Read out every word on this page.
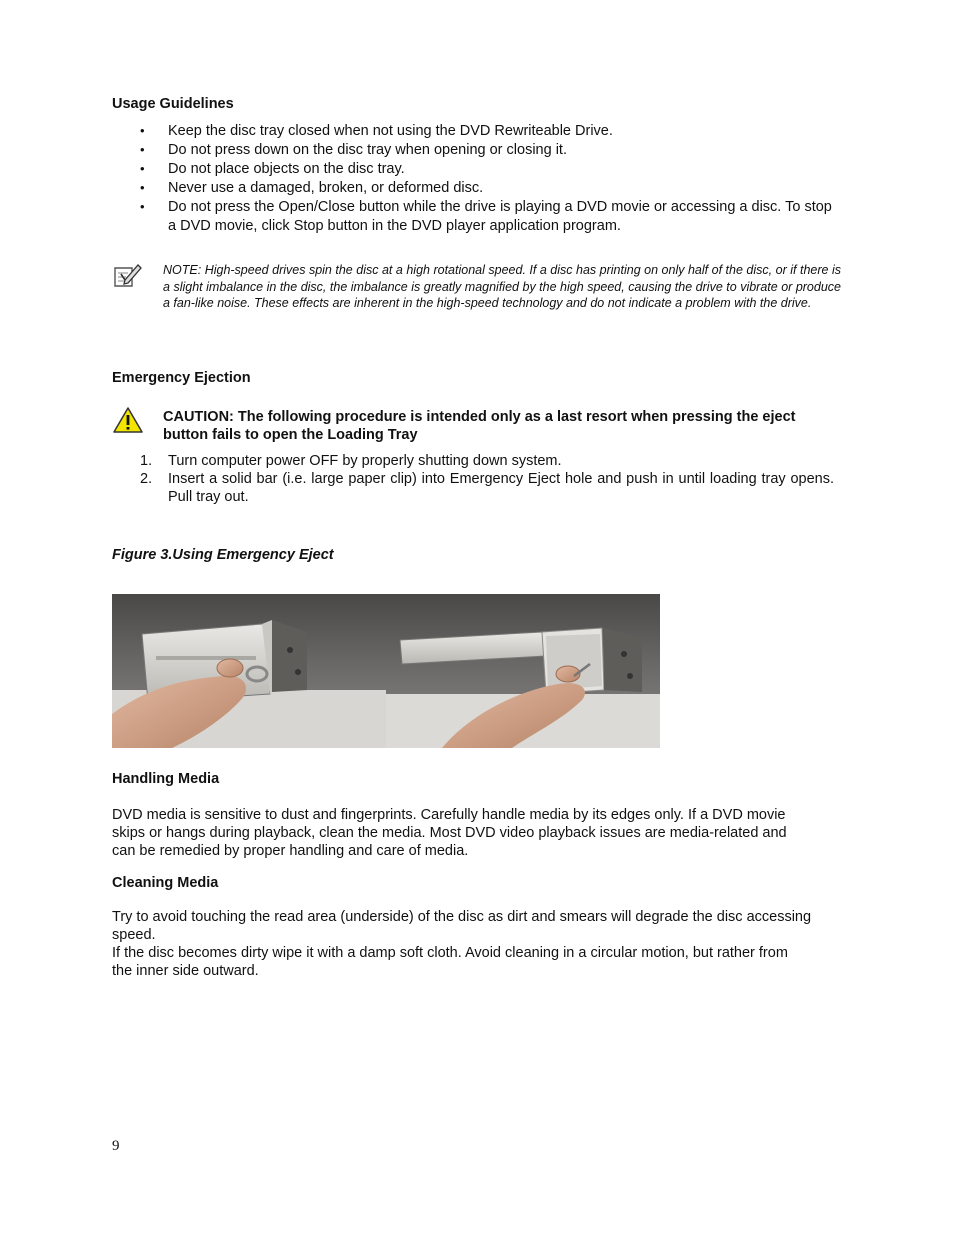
Usage Guidelines
• Keep the disc tray closed when not using the DVD Rewriteable Drive.
• Do not press down on the disc tray when opening or closing it.
• Do not place objects on the disc tray.
• Never use a damaged, broken, or deformed disc.
• Do not press the Open/Close button while the drive is playing a DVD movie or accessing a disc. To stop a DVD movie, click Stop button in the DVD player application program.

NOTE: High-speed drives spin the disc at a high rotational speed. If a disc has printing on only half of the disc, or if there is a slight imbalance in the disc, the imbalance is greatly magnified by the high speed, causing the drive to vibrate or produce a fan-like noise. These effects are inherent in the high-speed technology and do not indicate a problem with the drive.

Emergency Ejection

CAUTION: The following procedure is intended only as a last resort when pressing the eject button fails to open the Loading Tray

1. Turn computer power OFF by properly shutting down system.
2. Insert a solid bar (i.e. large paper clip) into Emergency Eject hole and push in until loading tray opens. Pull tray out.

Figure 3.Using Emergency Eject

Handling Media

DVD media is sensitive to dust and fingerprints. Carefully handle media by its edges only. If a DVD movie skips or hangs during playback, clean the media. Most DVD video playback issues are media-related and can be remedied by proper handling and care of media.

Cleaning Media

Try to avoid touching the read area (underside) of the disc as dirt and smears will degrade the disc accessing speed.

If the disc becomes dirty wipe it with a damp soft cloth. Avoid cleaning in a circular motion, but rather from the inner side outward.

9
